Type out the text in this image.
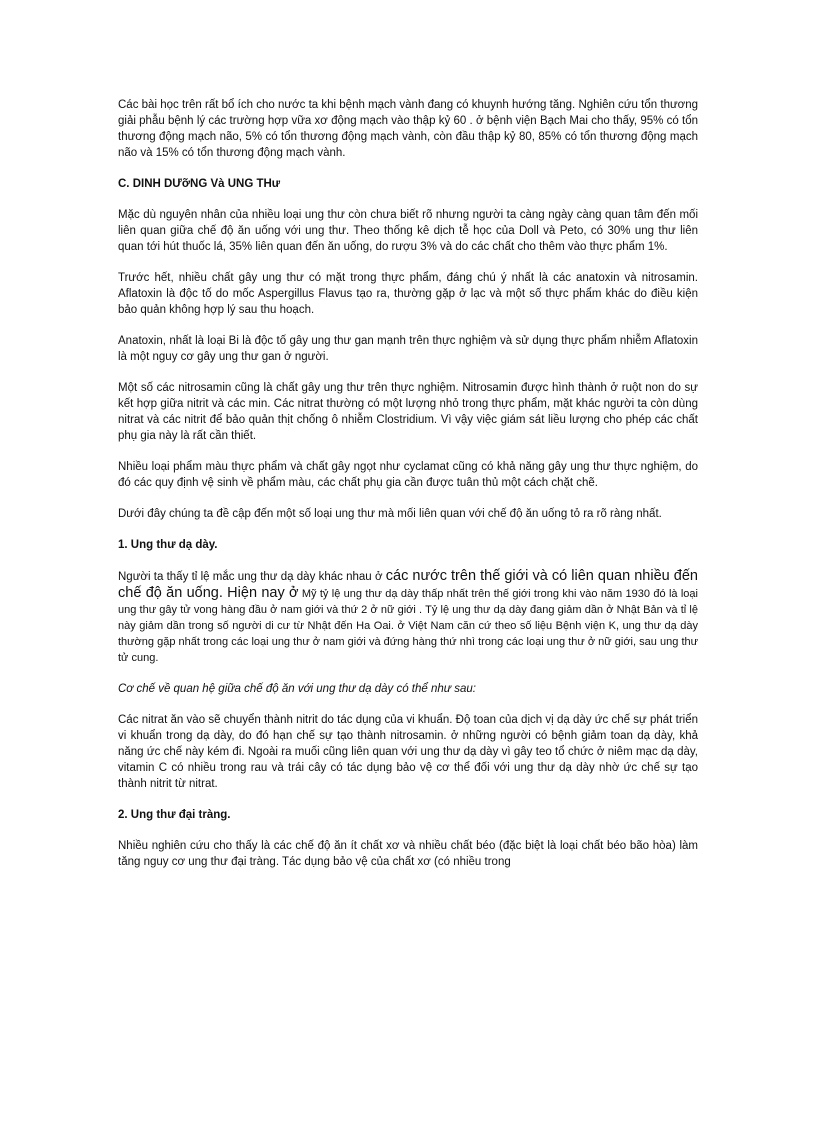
Các bài học trên rất bổ ích cho nước ta khi bệnh mạch vành đang có khuynh hướng tăng. Nghiên cứu tổn thương giải phẫu bệnh lý các trường hợp vữa xơ động mạch vào thập kỷ 60 . ở bệnh viện Bạch Mai cho thấy, 95% có tổn thương động mạch não, 5% có tổn thương động mạch vành, còn đầu thập kỷ 80, 85% có tổn thương động mạch não và 15% có tổn thương động mạch vành.

C. DINH DƯỡNG Và UNG THư

Mặc dù nguyên nhân của nhiều loại ung thư còn chưa biết rõ nhưng người ta càng ngày càng quan tâm đến mối liên quan giữa chế độ ăn uống với ung thư. Theo thống kê dịch tễ học của Doll và Peto, có 30% ung thư liên quan tới hút thuốc lá, 35% liên quan đến ăn uống, do rượu 3% và do các chất cho thêm vào thực phẩm 1%.

Trước hết, nhiều chất gây ung thư có mặt trong thực phẩm, đáng chú ý nhất là các anatoxin và nitrosamin. Aflatoxin là độc tố do mốc Aspergillus Flavus tạo ra, thường gặp ở lạc và một số thực phẩm khác do điều kiện bảo quản không hợp lý sau thu hoạch.

Anatoxin, nhất là loại Bi là độc tố gây ung thư gan mạnh trên thực nghiệm và sử dụng thực phẩm nhiễm Aflatoxin là một nguy cơ gây ung thư gan ở người.

Một số các nitrosamin cũng là chất gây ung thư trên thực nghiệm. Nitrosamin được hình thành ở ruột non do sự kết hợp giữa nitrit và các min. Các nitrat thường có một lượng nhỏ trong thực phẩm, mặt khác người ta còn dùng nitrat và các nitrit để bảo quản thịt chống ô nhiễm Clostridium. Vì vậy việc giám sát liều lượng cho phép các chất phụ gia này là rất cần thiết.

Nhiều loại phẩm màu thực phẩm và chất gây ngọt như cyclamat cũng có khả năng gây ung thư thực nghiệm, do đó các quy định vệ sinh về phẩm màu, các chất phụ gia cần được tuân thủ một cách chặt chẽ.

Dưới đây chúng ta đề cập đến một số loại ung thư mà mối liên quan với chế độ ăn uống tỏ ra rõ ràng nhất.

1. Ung thư dạ dày.

Người ta thấy tỉ lệ mắc ung thư dạ dày khác nhau ở các nước trên thế giới và có liên quan nhiều đến chế độ ăn uống. Hiện nay ở Mỹ tỷ lệ ung thư dạ dày thấp nhất trên thế giới trong khi vào năm 1930 đó là loại ung thư gây tử vong hàng đầu ở nam giới và thứ 2 ở nữ giới . Tỷ lệ ung thư dạ dày đang giảm dần ở Nhật Bản và tỉ lệ này giảm dần trong số người di cư từ Nhật đến Ha Oai. ở Việt Nam căn cứ theo số liệu Bệnh viện K, ung thư dạ dày thường gặp nhất trong các loại ung thư ở nam giới và đứng hàng thứ nhì trong các loại ung thư ở nữ giới, sau ung thư tử cung.

Cơ chế về quan hệ giữa chế độ ăn với ung thư dạ dày có thể như sau:

Các nitrat ăn vào sẽ chuyển thành nitrit do tác dụng của vi khuẩn. Độ toan của dịch vị dạ dày ức chế sự phát triển vi khuẩn trong dạ dày, do đó hạn chế sự tạo thành nitrosamin. ở những người có bệnh giảm toan dạ dày, khả năng ức chế này kém đi. Ngoài ra muối cũng liên quan với ung thư dạ dày vì gây teo tổ chức ở niêm mạc dạ dày, vitamin C có nhiều trong rau và trái cây có tác dụng bảo vệ cơ thể đối với ung thư dạ dày nhờ ức chế sự tạo thành nitrit từ nitrat.

2. Ung thư đại tràng.

Nhiều nghiên cứu cho thấy là các chế độ ăn ít chất xơ và nhiều chất béo (đặc biệt là loại chất béo bão hòa) làm tăng nguy cơ ung thư đại tràng. Tác dụng bảo vệ của chất xơ (có nhiều trong
